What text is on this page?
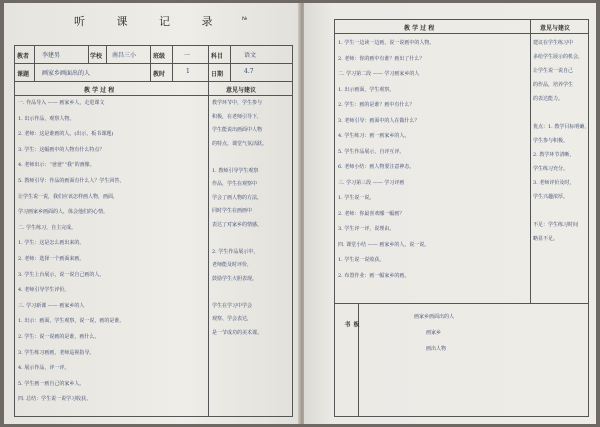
听 课 记 录	№
教者 李建男	学校 南昌三小	班级	一	科目	语文
课题 画家乡画面出的人	教时	1	日期	4.7
教 学 过 程	意见与建议
一. 作品导入 —— 画家乡人，走进课文
1. 出示作品，观察人物。
2. 老师：这是谁画的人。(出示，板书课题)
3. 学生：这幅画中的人物有什么特点？
4. 老师出示：“爸爸”“我”的画像。
5. 教师引导：作品的画面有什么人？学生回答，
让学生说一说，我们应该怎样画人物，画面，
学习画家乡画面的人，体会他们的心情。
二. 学生练习，自主完成。
1. 学生：这是怎么画出来的。
2. 老师：选择一个画面来画。
3. 学生上台展示，说一说自己画的人。
4. 老师引导学生评价。
三. 学习新课 —— 画家乡的人
1. 出示：画面，学生观察，说一说，画的是谁。
2. 学生：说一说画的是谁，画什么。
3. 学生练习画画，老师巡视指导。
4. 展示作品，评一评。
5. 学生画一画自己的家乡人。
四. 总结：学生说一说学习收获。
教学环节中，学生参与
积极，在老师引导下，
学生能说出画面中人物
的特点，课堂气氛活跃。
1. 教师引导学生观察
作品，学生在观察中
学会了画人物的方法，
同时学生在画画中
表达了对家乡的情感。
2. 学生作品展示中，
老师能及时评价，
鼓励学生大胆表现。
学生在学习中学会
观察、学会表达，
是一节成功的美术课。
教 学 过 程	意见与建议
板 书
1. 学生一边读一边画，说一说画中的人物。
2. 老师：你的画中有谁？画出了什么？
二. 学习第二段 —— 学习画家乡的人
1. 出示画面，学生观察。
2. 学生：画的是谁？画中有什么？
3. 老师引导：画面中的人在做什么？
4. 学生练习：画一画家乡的人。
5. 学生作品展示，自评互评。
6. 老师小结：画人物要注意神态。
三. 学习第三段 —— 学习评画
1. 学生说一说。
2. 老师：你最喜欢哪一幅画？
3. 学生评一评，说理由。
四. 课堂小结 —— 画家乡的人，说一说。
1. 学生说一说收获。
2. 布置作业：画一幅家乡的画。
建议在学生练习中
多给学生展示的机会，
让学生说一说自己
的作品，培养学生
的表达能力。
优点：1. 教学目标明确，
学生参与积极。
2. 教学环节清晰，
学生练习充分。
3. 老师评价及时，
学生兴趣浓厚。
不足：学生练习时间
略显不足。
画家乡画面出的人
画家乡
画出人物
